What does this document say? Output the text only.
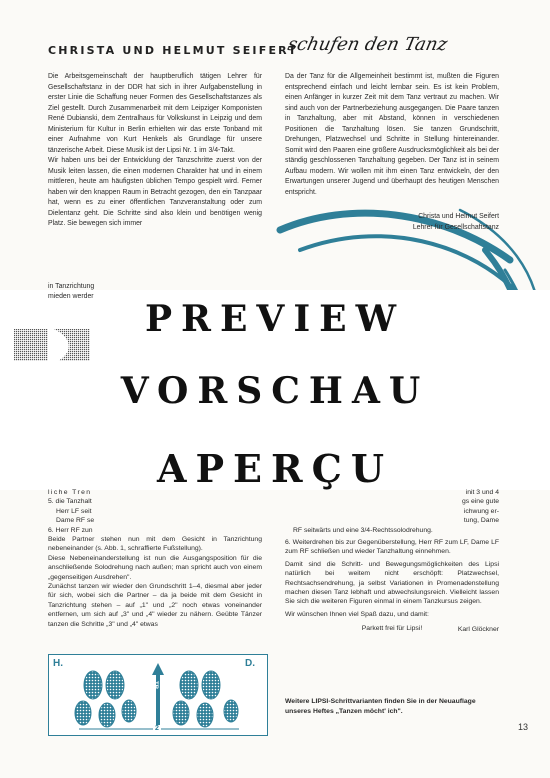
CHRISTA UND HELMUT SEIFERT
schufen den Tanz

Die Arbeitsgemeinschaft der hauptberuflich tätigen Lehrer für Gesellschaftstanz in der DDR hat sich in ihrer Aufgabenstellung in erster Linie die Schaffung neuer Formen des Gesellschaftstanzes als Ziel gestellt. Durch Zusammenarbeit mit dem Leipziger Komponisten René Dubianski, dem Zentralhaus für Volkskunst in Leipzig und dem Ministerium für Kultur in Berlin erhielten wir das erste Tonband mit einer Aufnahme von Kurt Henkels als Grundlage für unsere tänzerische Arbeit. Diese Musik ist der Lipsi Nr. 1 im 3/4-Takt.

Wir haben uns bei der Entwicklung der Tanzschritte zuerst von der Musik leiten lassen, die einen modernen Charakter hat und in einem mittleren, heute am häufigsten üblichen Tempo gespielt wird. Ferner haben wir den knappen Raum in Betracht gezogen, den ein Tanzpaar hat, wenn es zu einer öffentlichen Tanzveranstaltung oder zum Dielentanz geht. Die Schritte sind also klein und benötigen wenig Platz. Sie bewegen sich immer

Da der Tanz für die Allgemeinheit bestimmt ist, mußten die Figuren entsprechend einfach und leicht lernbar sein. Es ist kein Problem, einen Anfänger in kurzer Zeit mit dem Tanz vertraut zu machen. Wir sind auch von der Partnerbeziehung ausgegangen. Die Paare tanzen in Tanzhaltung, aber mit Abstand, können in verschiedenen Positionen die Tanzhaltung lösen. Sie tanzen Grundschritt, Drehungen, Platzwechsel und Schritte in Stellung hintereinander. Somit wird den Paaren eine größere Ausdrucksmöglichkeit als bei der ständig geschlossenen Tanzhaltung gegeben. Der Tanz ist in seinem Aufbau modern. Wir wollen mit ihm einen Tanz entwickeln, der den Erwartungen unserer Jugend und überhaupt des heutigen Menschen entspricht.

Christa und Helmut Seifert
Lehrer für Gesellschaftstanz
in Tanzrichtung
mieden werder
PREVIEW
VORSCHAU
APERÇU
liche Tren
5. die Tanzhalt
Herr LF seit
Dame RF se
6. Herr RF zun

Beide Partner stehen nun mit dem Gesicht in Tanzrichtung nebeneinander (s. Abb. 1, schraffierte Fußstellung).

Diese Nebeneinanderstellung ist nun die Ausgangsposition für die anschließende Solodrehung nach außen; man spricht auch von einem „gegenseitigen Ausdrehen".

Zunächst tanzen wir wieder den Grundschritt 1–4, diesmal aber jeder für sich, wobei sich die Partner – da ja beide mit dem Gesicht in Tanzrichtung stehen – auf „1" und „2" noch etwas voneinander entfernen, um sich auf „3" und „4" wieder zu nähern. Geübte Tänzer tanzen die Schritte „3" und „4" etwas

init 3 und 4
gs eine gute
ichwung er-
tung, Dame

RF seitwärts und eine 3/4-Rechtssolodrehung.

6. Weiterdrehen bis zur Gegenüberstellung, Herr RF zum LF, Dame LF zum RF schließen und wieder Tanzhaltung einnehmen.

Damit sind die Schritt- und Bewegungsmöglichkeiten des Lipsi natürlich bei weitem nicht erschöpft: Platzwechsel, Rechtsachsendrehung, ja selbst Variationen in Promenadenstellung machen diesen Tanz lebhaft und abwechslungsreich. Vielleicht lassen Sie sich die weiteren Figuren einmal in einem Tanzkursus zeigen.

Wir wünschen Ihnen viel Spaß dazu, und damit:

Parkett frei für Lipsi!	Karl Glöckner
H.	D.
TR
2
Weitere LIPSI-Schrittvarianten finden Sie in der Neuauflage unseres Heftes „Tanzen möcht' ich".
13
